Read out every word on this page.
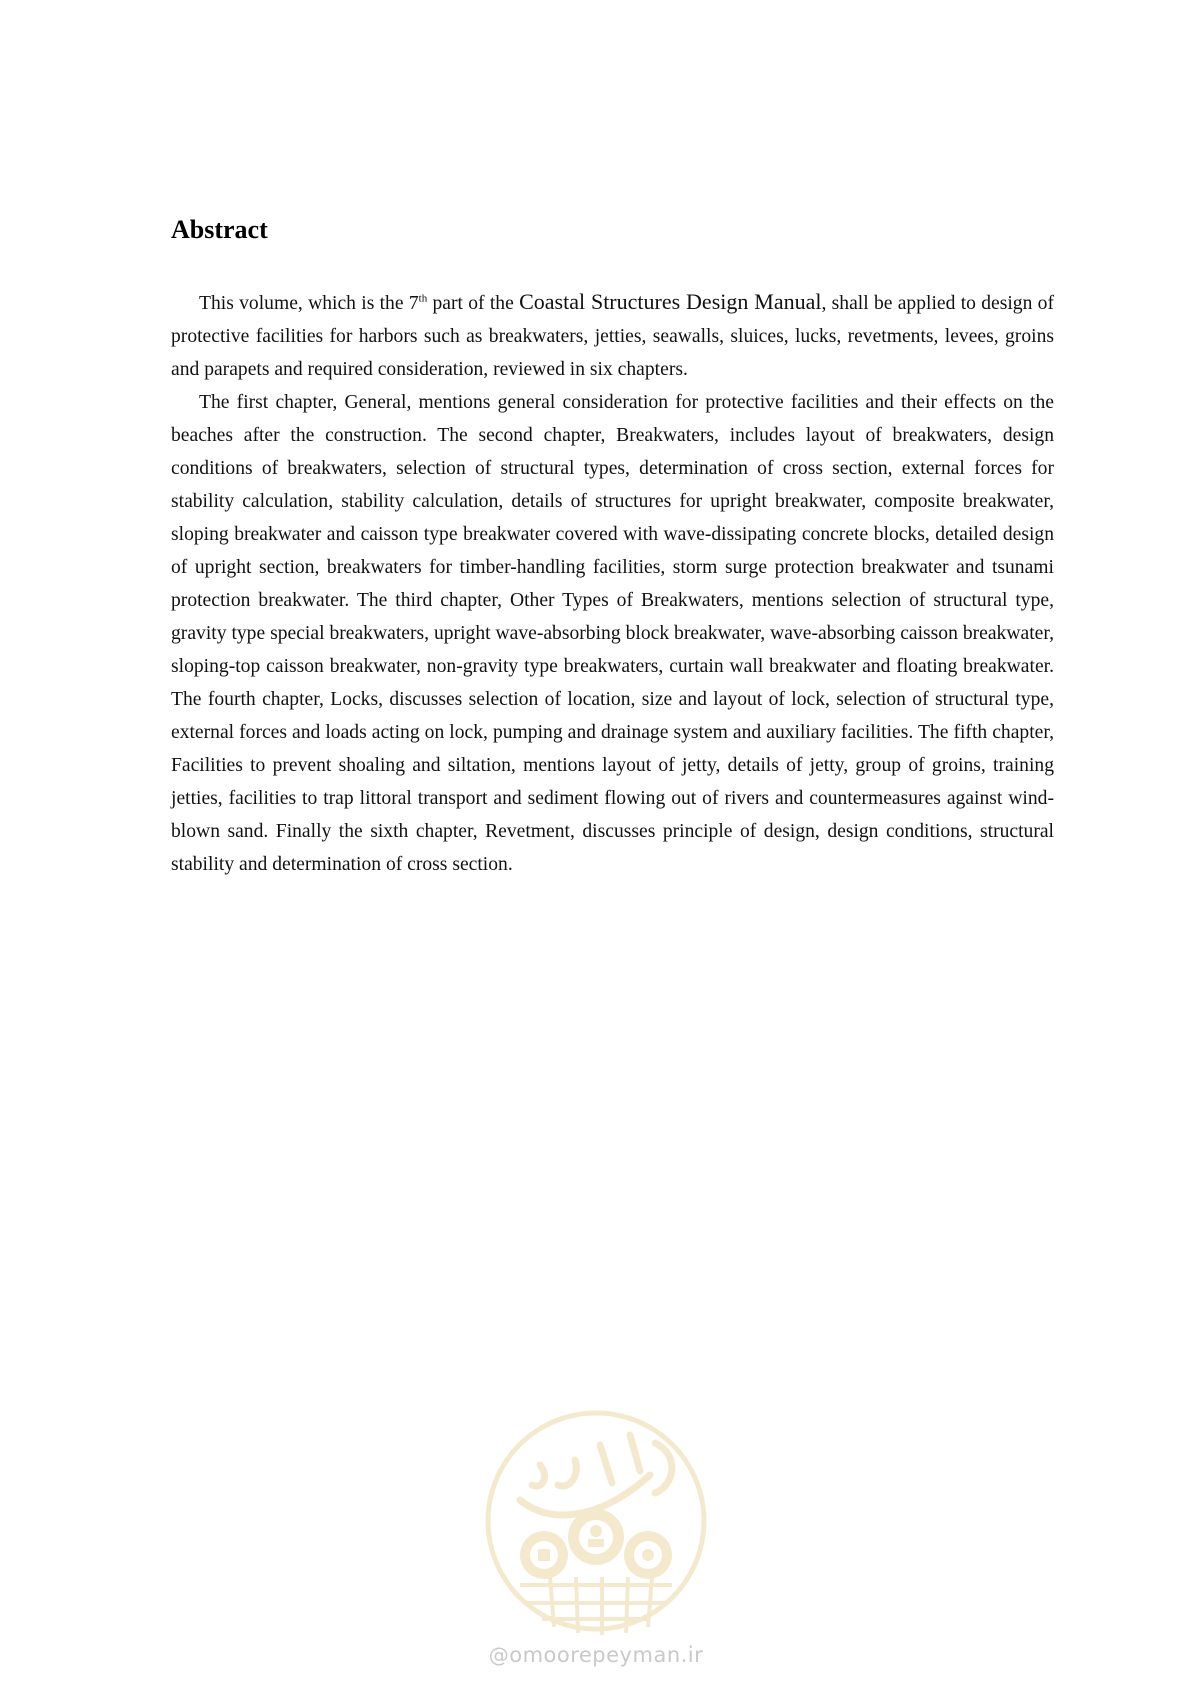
Abstract

This volume, which is the 7th part of the Coastal Structures Design Manual, shall be applied to design of protective facilities for harbors such as breakwaters, jetties, seawalls, sluices, lucks, revetments, levees, groins and parapets and required consideration, reviewed in six chapters.

The first chapter, General, mentions general consideration for protective facilities and their effects on the beaches after the construction. The second chapter, Breakwaters, includes layout of breakwaters, design conditions of breakwaters, selection of structural types, determination of cross section, external forces for stability calculation, stability calculation, details of structures for upright breakwater, composite breakwater, sloping breakwater and caisson type breakwater covered with wave-dissipating concrete blocks, detailed design of upright section, breakwaters for timber-handling facilities, storm surge protection breakwater and tsunami protection breakwater. The third chapter, Other Types of Breakwaters, mentions selection of structural type, gravity type special breakwaters, upright wave-absorbing block breakwater, wave-absorbing caisson breakwater, sloping-top caisson breakwater, non-gravity type breakwaters, curtain wall breakwater and floating breakwater. The fourth chapter, Locks, discusses selection of location, size and layout of lock, selection of structural type, external forces and loads acting on lock, pumping and drainage system and auxiliary facilities. The fifth chapter, Facilities to prevent shoaling and siltation, mentions layout of jetty, details of jetty, group of groins, training jetties, facilities to trap littoral transport and sediment flowing out of rivers and countermeasures against wind-blown sand. Finally the sixth chapter, Revetment, discusses principle of design, design conditions, structural stability and determination of cross section.

@omoorepeyman.ir
